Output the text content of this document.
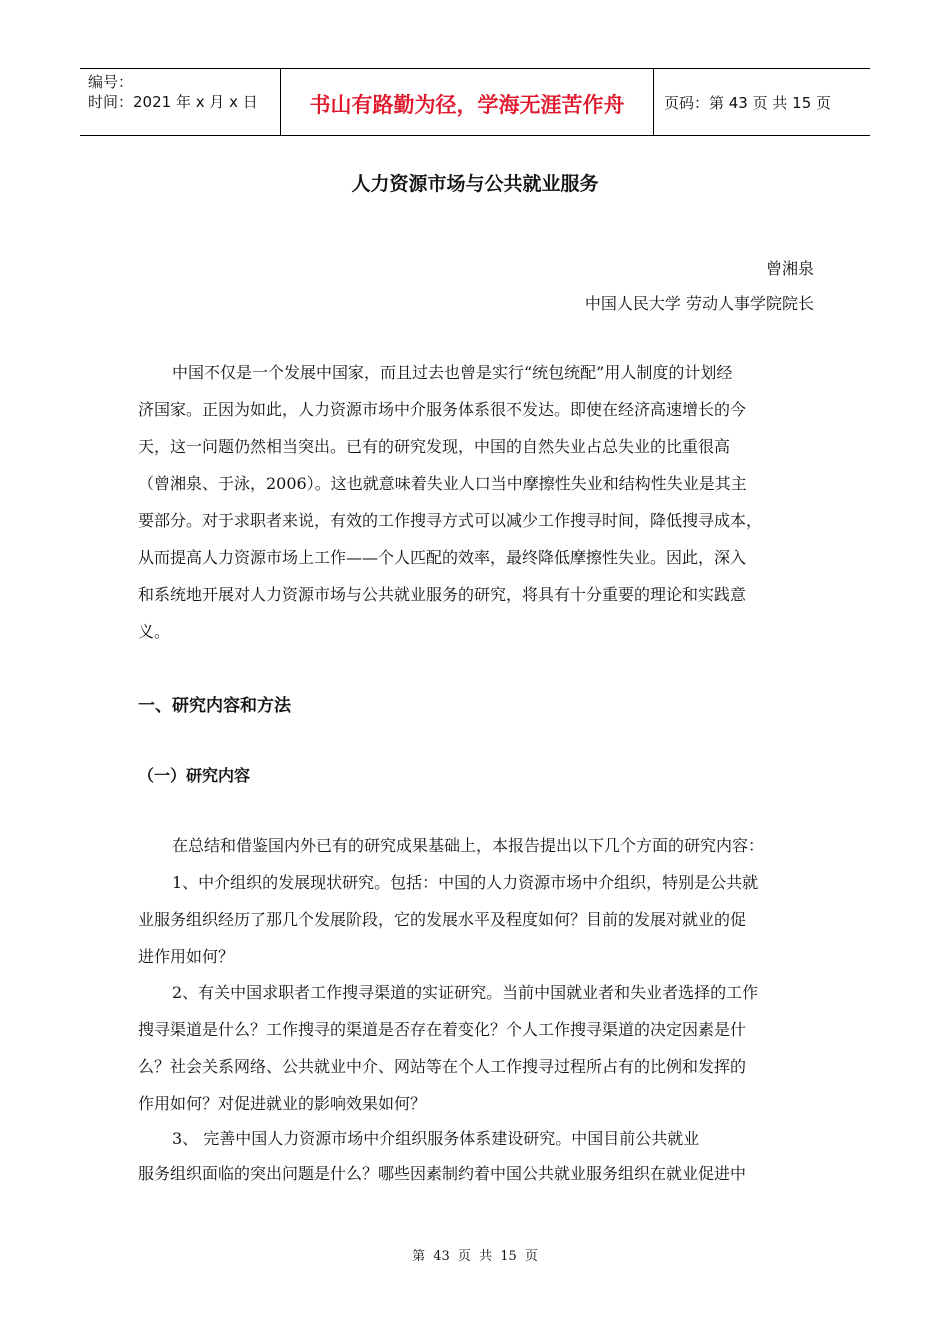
编号：
时间：2021 年 x 月 x 日	书山有路勤为径，学海无涯苦作舟	页码：第 43 页 共 15 页
人力资源市场与公共就业服务
曾湘泉
中国人民大学 劳动人事学院院长
中国不仅是一个发展中国家，而且过去也曾是实行“统包统配”用人制度的计划经
济国家。正因为如此，人力资源市场中介服务体系很不发达。即使在经济高速增长的今
天，这一问题仍然相当突出。已有的研究发现，中国的自然失业占总失业的比重很高
（曾湘泉、于泳，2006）。这也就意味着失业人口当中摩擦性失业和结构性失业是其主
要部分。对于求职者来说，有效的工作搜寻方式可以减少工作搜寻时间，降低搜寻成本，
从而提高人力资源市场上工作——个人匹配的效率，最终降低摩擦性失业。因此，深入
和系统地开展对人力资源市场与公共就业服务的研究，将具有十分重要的理论和实践意
义。
一、研究内容和方法
（一）研究内容
在总结和借鉴国内外已有的研究成果基础上，本报告提出以下几个方面的研究内容：
1、中介组织的发展现状研究。包括：中国的人力资源市场中介组织，特别是公共就
业服务组织经历了那几个发展阶段，它的发展水平及程度如何？目前的发展对就业的促
进作用如何？
2、有关中国求职者工作搜寻渠道的实证研究。当前中国就业者和失业者选择的工作
搜寻渠道是什么？工作搜寻的渠道是否存在着变化？个人工作搜寻渠道的决定因素是什
么？社会关系网络、公共就业中介、网站等在个人工作搜寻过程所占有的比例和发挥的
作用如何？对促进就业的影响效果如何？
3、 完善中国人力资源市场中介组织服务体系建设研究。中国目前公共就业
服务组织面临的突出问题是什么？哪些因素制约着中国公共就业服务组织在就业促进中
第 43 页 共 15 页
